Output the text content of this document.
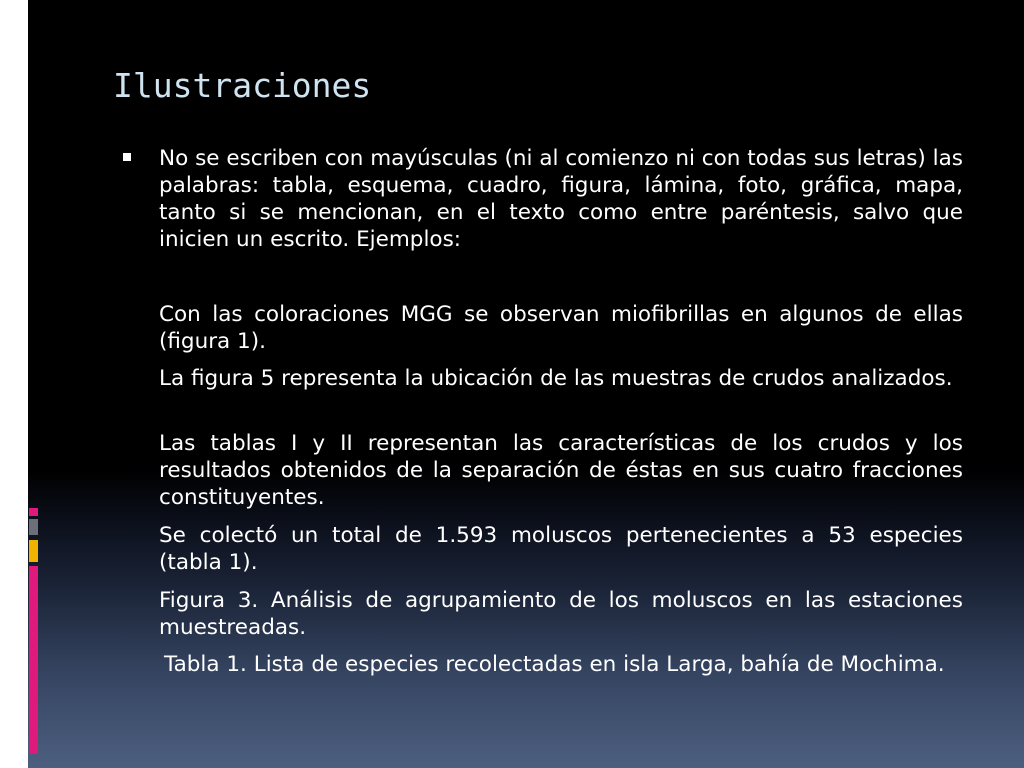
Ilustraciones

No se escriben con mayúsculas (ni al comienzo ni con todas sus letras) las palabras: tabla, esquema, cuadro, figura, lámina, foto, gráfica, mapa, tanto si se mencionan, en el texto como entre paréntesis, salvo que inicien un escrito. Ejemplos:

Con las coloraciones MGG se observan miofibrillas en algunos de ellas (figura 1).

La figura 5 representa la ubicación de las muestras de crudos analizados.

Las tablas I y II representan las características de los crudos y los resultados obtenidos de la separación de éstas en sus cuatro fracciones constituyentes.

Se colectó un total de 1.593 moluscos pertenecientes a 53 especies (tabla 1).

Figura 3. Análisis de agrupamiento de los moluscos en las estaciones muestreadas.

Tabla 1. Lista de especies recolectadas en isla Larga, bahía de Mochima.
